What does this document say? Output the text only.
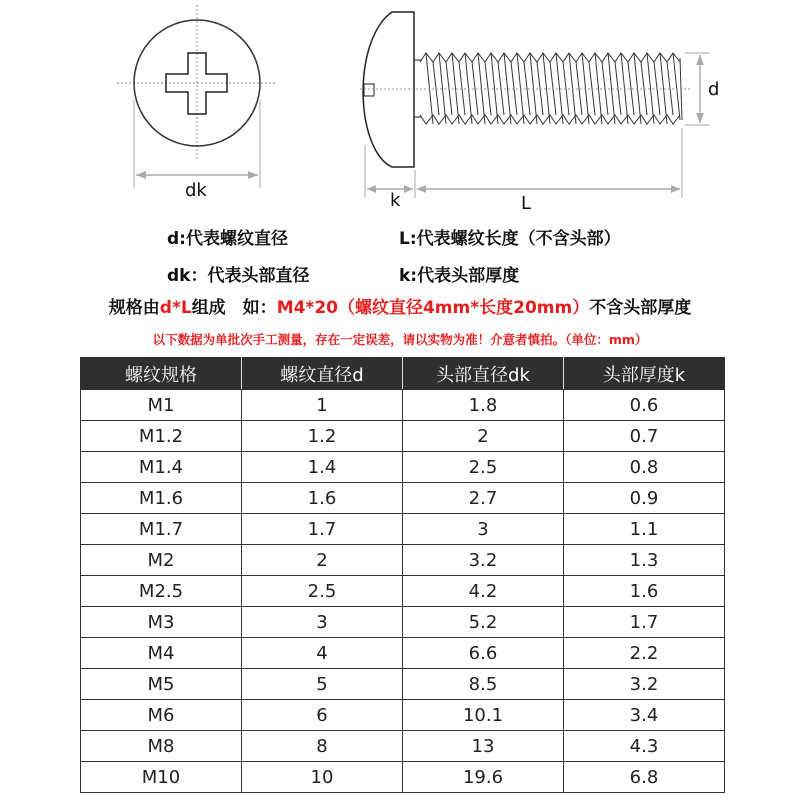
dk	k	L
d
d:代表螺纹直径	L:代表螺纹长度（不含头部）
dk：代表头部直径	k:代表头部厚度
规格由d*L组成　如：M4*20（螺纹直径4mm*长度20mm）不含头部厚度
以下数据为单批次手工测量，存在一定误差，请以实物为准！介意者慎拍。（单位：mm）
螺纹规格	螺纹直径d	头部直径dk	头部厚度k
M1	1	1.8	0.6
M1.2	1.2	2	0.7
M1.4	1.4	2.5	0.8
M1.6	1.6	2.7	0.9
M1.7	1.7	3	1.1
M2	2	3.2	1.3
M2.5	2.5	4.2	1.6
M3	3	5.2	1.7
M4	4	6.6	2.2
M5	5	8.5	3.2
M6	6	10.1	3.4
M8	8	13	4.3
M10	10	19.6	6.8
